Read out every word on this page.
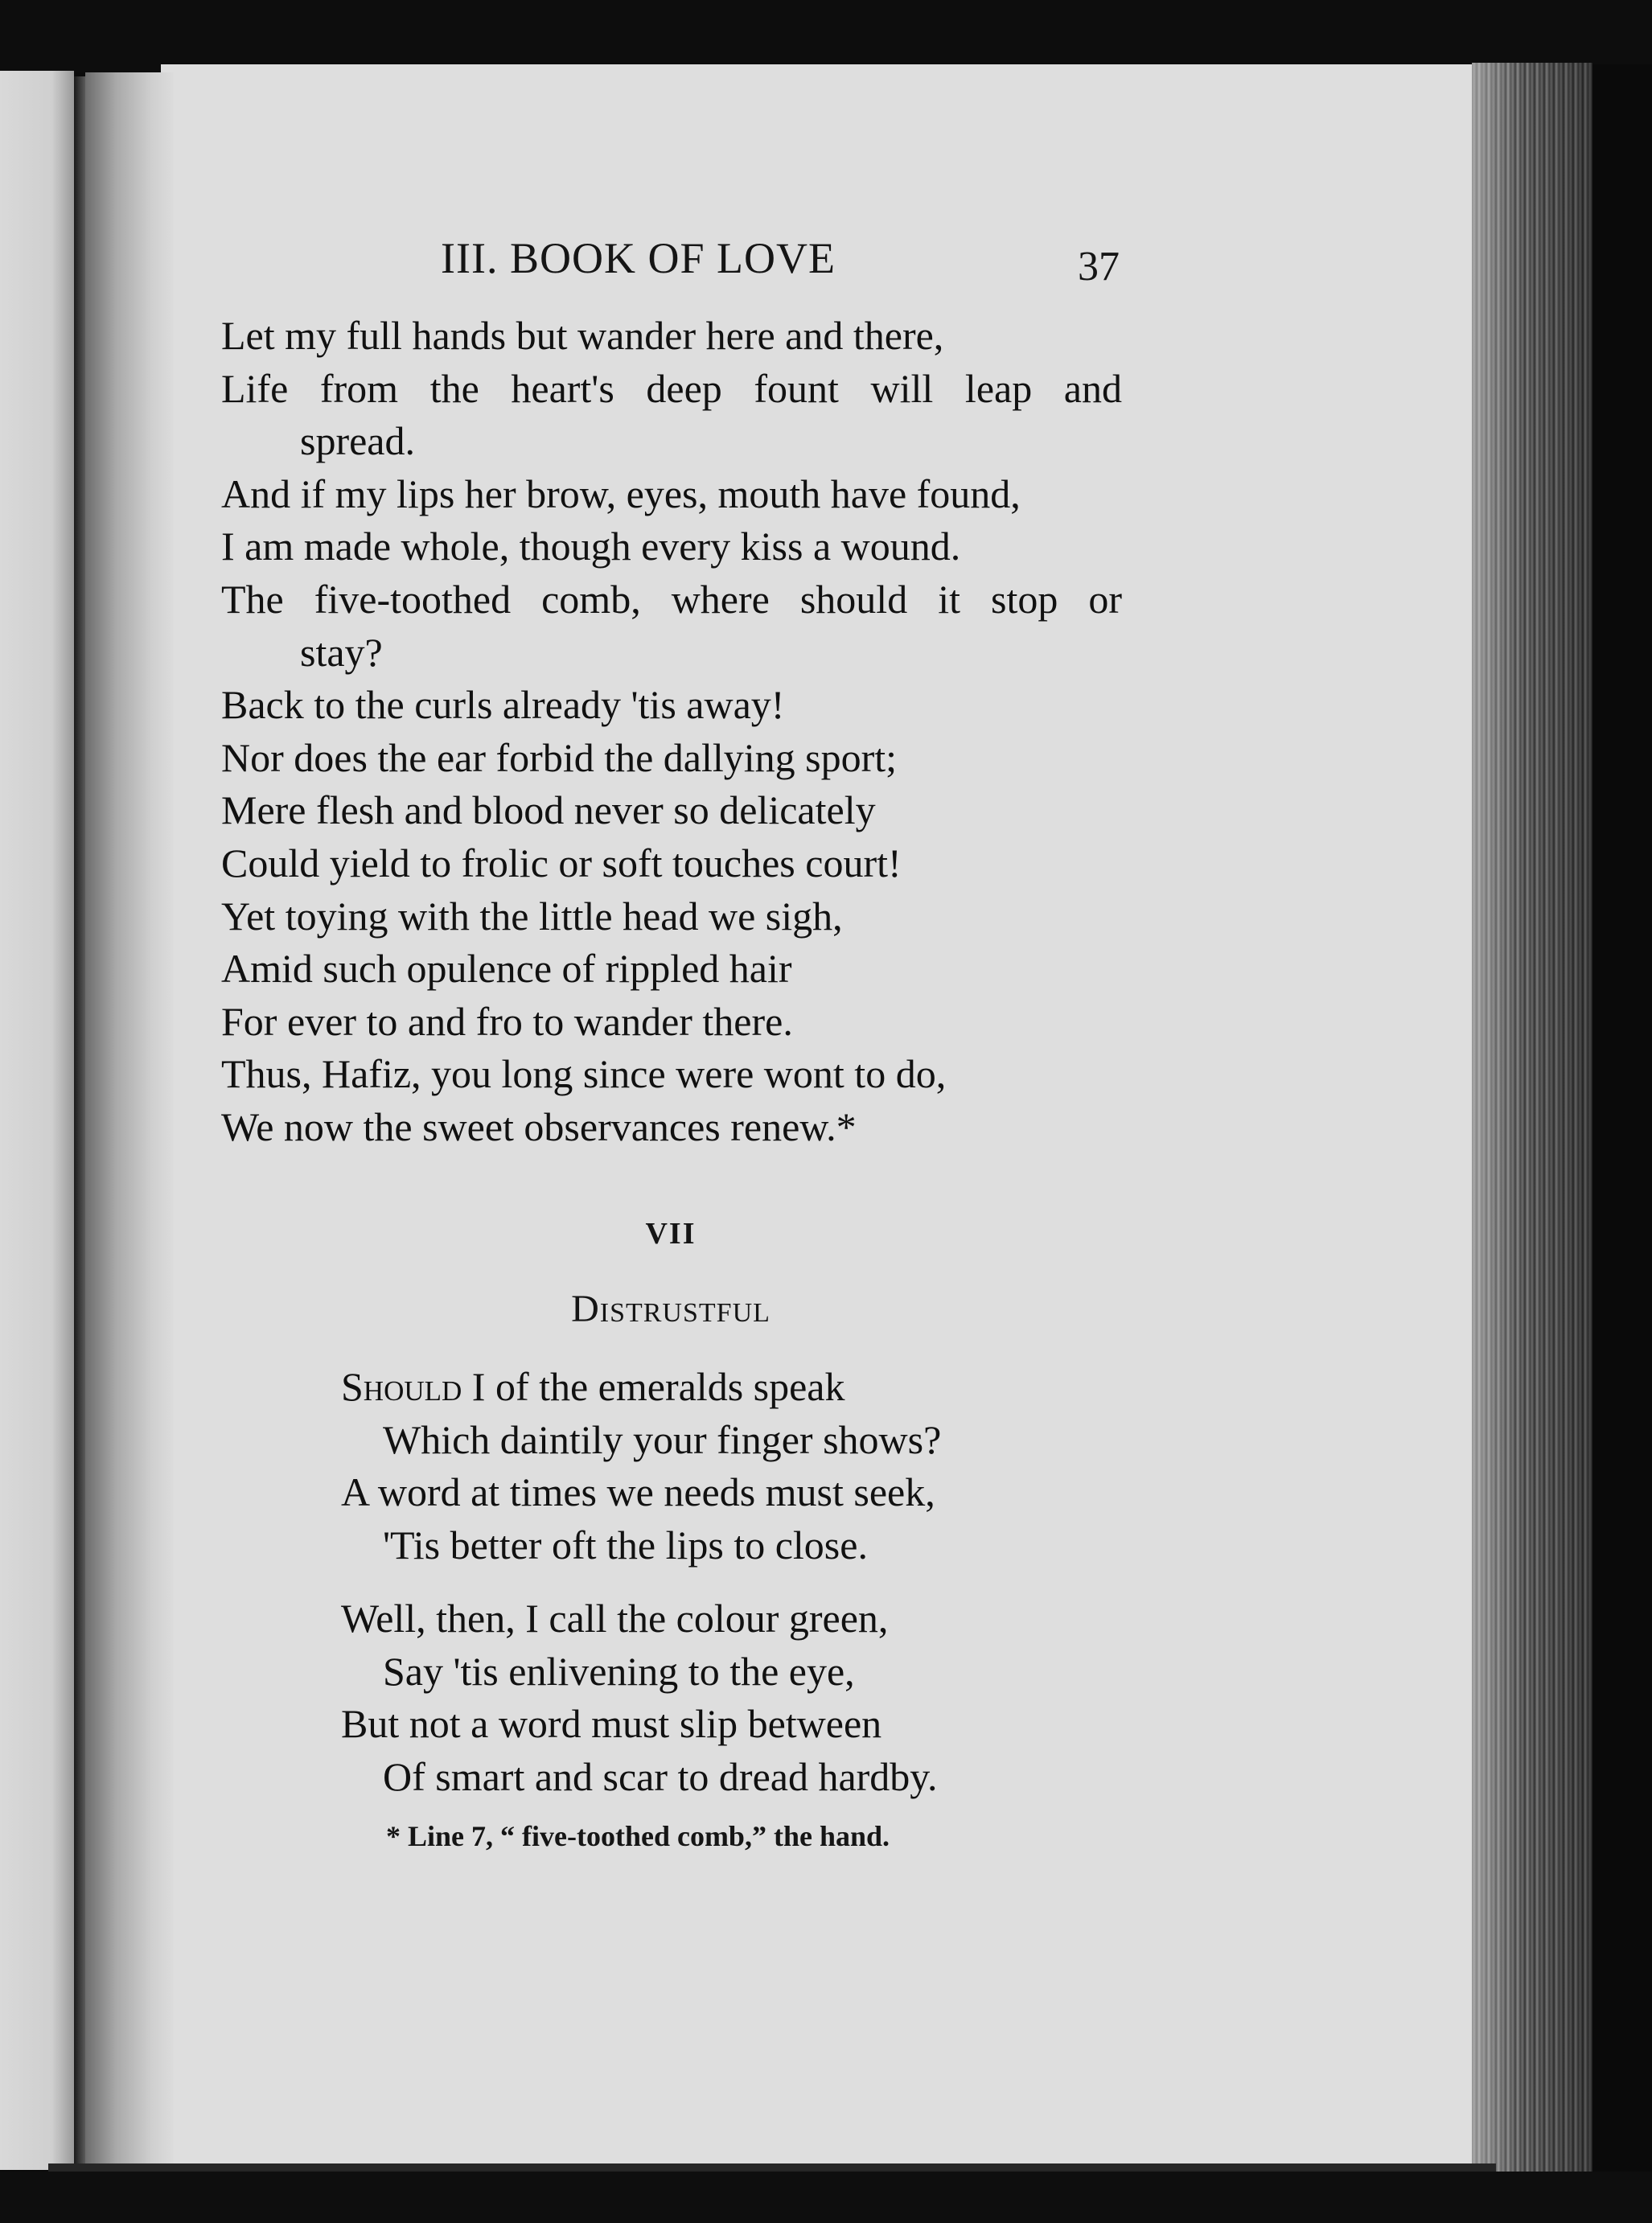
III. BOOK OF LOVE	37
Let my full hands but wander here and there,
Life from the heart's deep fount will leap and
spread.
And if my lips her brow, eyes, mouth have found,
I am made whole, though every kiss a wound.
The five-toothed comb, where should it stop or
stay?
Back to the curls already 'tis away!
Nor does the ear forbid the dallying sport;
Mere flesh and blood never so delicately
Could yield to frolic or soft touches court!
Yet toying with the little head we sigh,
Amid such opulence of rippled hair
For ever to and fro to wander there.
Thus, Hafiz, you long since were wont to do,
We now the sweet observances renew.*
VII
Distrustful
Should I of the emeralds speak
Which daintily your finger shows?
A word at times we needs must seek,
'Tis better oft the lips to close.
Well, then, I call the colour green,
Say 'tis enlivening to the eye,
But not a word must slip between
Of smart and scar to dread hardby.
* Line 7, “ five-toothed comb,” the hand.
